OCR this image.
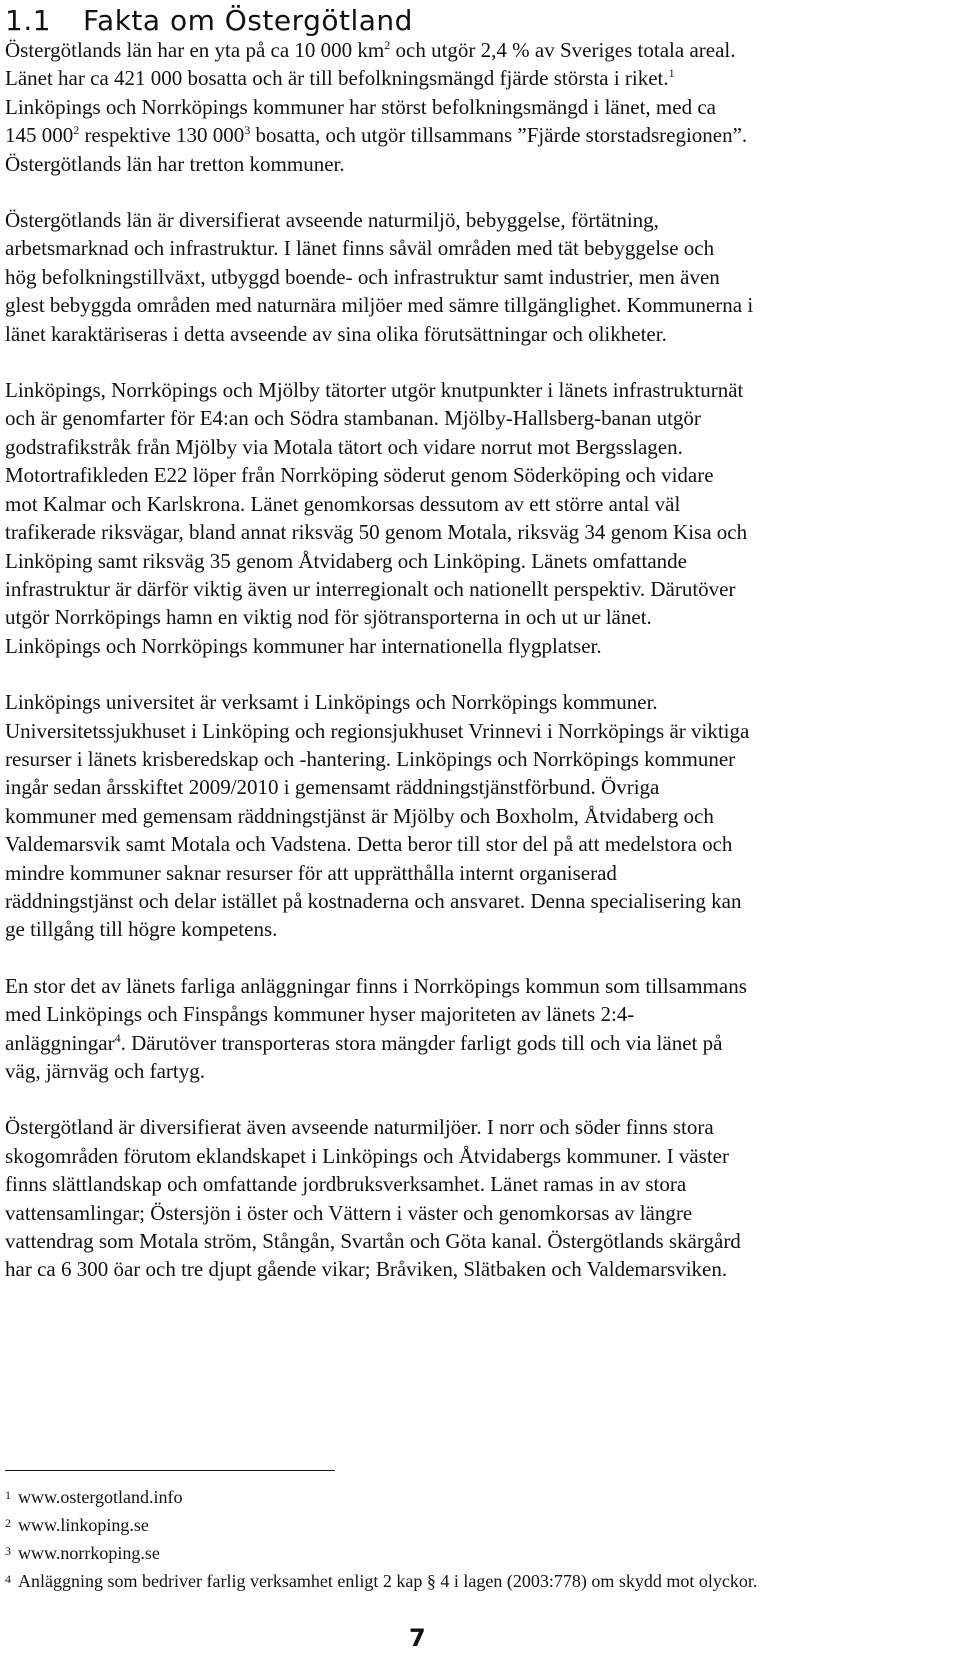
1.1 Fakta om Östergötland

Östergötlands län har en yta på ca 10 000 $km^2$ och utgör 2,4 % av Sveriges totala areal.
Länet har ca 421 000 bosatta och är till befolkningsmängd fjärde största i riket.$^1$
Linköpings och Norrköpings kommuner har störst befolkningsmängd i länet, med ca
145 $000^2$ respektive 130 $000^3$ bosatta, och utgör tillsammans ”Fjärde storstadsregionen”.
Östergötlands län har tretton kommuner.

Östergötlands län är diversifierat avseende naturmiljö, bebyggelse, förtätning,
arbetsmarknad och infrastruktur. I länet finns såväl områden med tät bebyggelse och
hög befolkningstillväxt, utbyggd boende- och infrastruktur samt industrier, men även
glest bebyggda områden med naturnära miljöer med sämre tillgänglighet. Kommunerna i
länet karaktäriseras i detta avseende av sina olika förutsättningar och olikheter.

Linköpings, Norrköpings och Mjölby tätorter utgör knutpunkter i länets infrastrukturnät
och är genomfarter för E4:an och Södra stambanan. Mjölby-Hallsberg-banan utgör
godstrafikstråk från Mjölby via Motala tätort och vidare norrut mot Bergsslagen.
Motortrafikleden E22 löper från Norrköping söderut genom Söderköping och vidare
mot Kalmar och Karlskrona. Länet genomkorsas dessutom av ett större antal väl
trafikerade riksvägar, bland annat riksväg 50 genom Motala, riksväg 34 genom Kisa och
Linköping samt riksväg 35 genom Åtvidaberg och Linköping. Länets omfattande
infrastruktur är därför viktig även ur interregionalt och nationellt perspektiv. Därutöver
utgör Norrköpings hamn en viktig nod för sjötransporterna in och ut ur länet.
Linköpings och Norrköpings kommuner har internationella flygplatser.

Linköpings universitet är verksamt i Linköpings och Norrköpings kommuner.
Universitetssjukhuset i Linköping och regionsjukhuset Vrinnevi i Norrköpings är viktiga
resurser i länets krisberedskap och -hantering. Linköpings och Norrköpings kommuner
ingår sedan årsskiftet 2009/2010 i gemensamt räddningstjänstförbund. Övriga
kommuner med gemensam räddningstjänst är Mjölby och Boxholm, Åtvidaberg och
Valdemarsvik samt Motala och Vadstena. Detta beror till stor del på att medelstora och
mindre kommuner saknar resurser för att upprätthålla internt organiserad
räddningstjänst och delar istället på kostnaderna och ansvaret. Denna specialisering kan
ge tillgång till högre kompetens.

En stor det av länets farliga anläggningar finns i Norrköpings kommun som tillsammans
med Linköpings och Finspångs kommuner hyser majoriteten av länets 2:4-
anläggningar$^4$. Därutöver transporteras stora mängder farligt gods till och via länet på
väg, järnväg och fartyg.

Östergötland är diversifierat även avseende naturmiljöer. I norr och söder finns stora
skogområden förutom eklandskapet i Linköpings och Åtvidabergs kommuner. I väster
finns slättlandskap och omfattande jordbruksverksamhet. Länet ramas in av stora
vattensamlingar; Östersjön i öster och Vättern i väster och genomkorsas av längre
vattendrag som Motala ström, Stångån, Svartån och Göta kanal. Östergötlands skärgård
har ca 6 300 öar och tre djupt gående vikar; Bråviken, Slätbaken och Valdemarsviken.

$^1$ www.ostergotland.info
$^2$ www.linkoping.se
$^3$ www.norrkoping.se
$^4$ Anläggning som bedriver farlig verksamhet enligt 2 kap § 4 i lagen (2003:778) om skydd mot olyckor.
7
